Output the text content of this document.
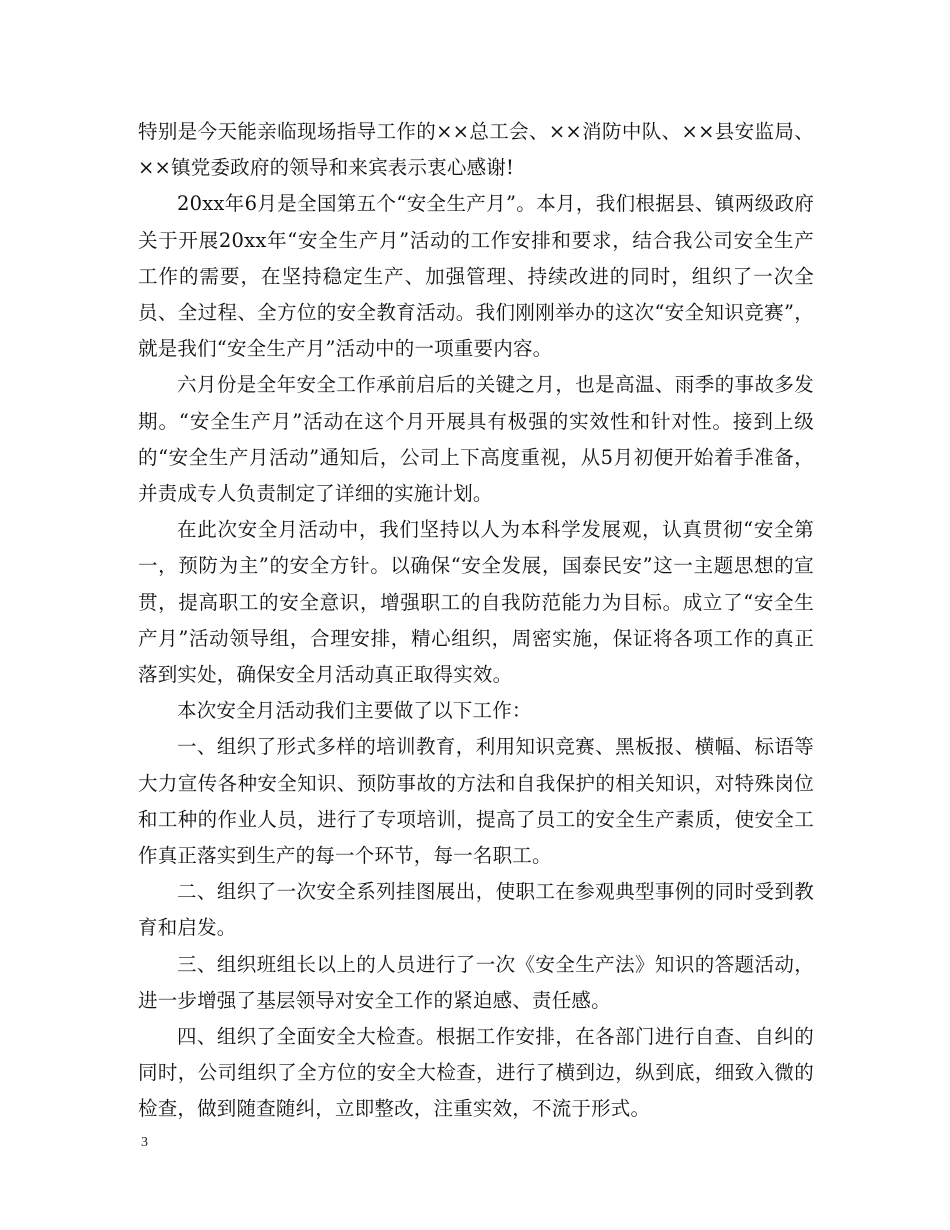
特别是今天能亲临现场指导工作的××总工会、××消防中队、××县安监局、××镇党委政府的领导和来宾表示衷心感谢!

20xx年6月是全国第五个“安全生产月”。本月，我们根据县、镇两级政府关于开展20xx年“安全生产月”活动的工作安排和要求，结合我公司安全生产工作的需要，在坚持稳定生产、加强管理、持续改进的同时，组织了一次全员、全过程、全方位的安全教育活动。我们刚刚举办的这次“安全知识竞赛”，就是我们“安全生产月”活动中的一项重要内容。

六月份是全年安全工作承前启后的关键之月，也是高温、雨季的事故多发期。“安全生产月”活动在这个月开展具有极强的实效性和针对性。接到上级的“安全生产月活动”通知后，公司上下高度重视，从5月初便开始着手准备，并责成专人负责制定了详细的实施计划。

在此次安全月活动中，我们坚持以人为本科学发展观，认真贯彻“安全第一，预防为主”的安全方针。以确保“安全发展，国泰民安”这一主题思想的宣贯，提高职工的安全意识，增强职工的自我防范能力为目标。成立了“安全生产月”活动领导组，合理安排，精心组织，周密实施，保证将各项工作的真正落到实处，确保安全月活动真正取得实效。

本次安全月活动我们主要做了以下工作：

一、组织了形式多样的培训教育，利用知识竞赛、黑板报、横幅、标语等大力宣传各种安全知识、预防事故的方法和自我保护的相关知识，对特殊岗位和工种的作业人员，进行了专项培训，提高了员工的安全生产素质，使安全工作真正落实到生产的每一个环节，每一名职工。

二、组织了一次安全系列挂图展出，使职工在参观典型事例的同时受到教育和启发。

三、组织班组长以上的人员进行了一次《安全生产法》知识的答题活动，进一步增强了基层领导对安全工作的紧迫感、责任感。

四、组织了全面安全大检查。根据工作安排，在各部门进行自查、自纠的同时，公司组织了全方位的安全大检查，进行了横到边，纵到底，细致入微的检查，做到随查随纠，立即整改，注重实效，不流于形式。

3
